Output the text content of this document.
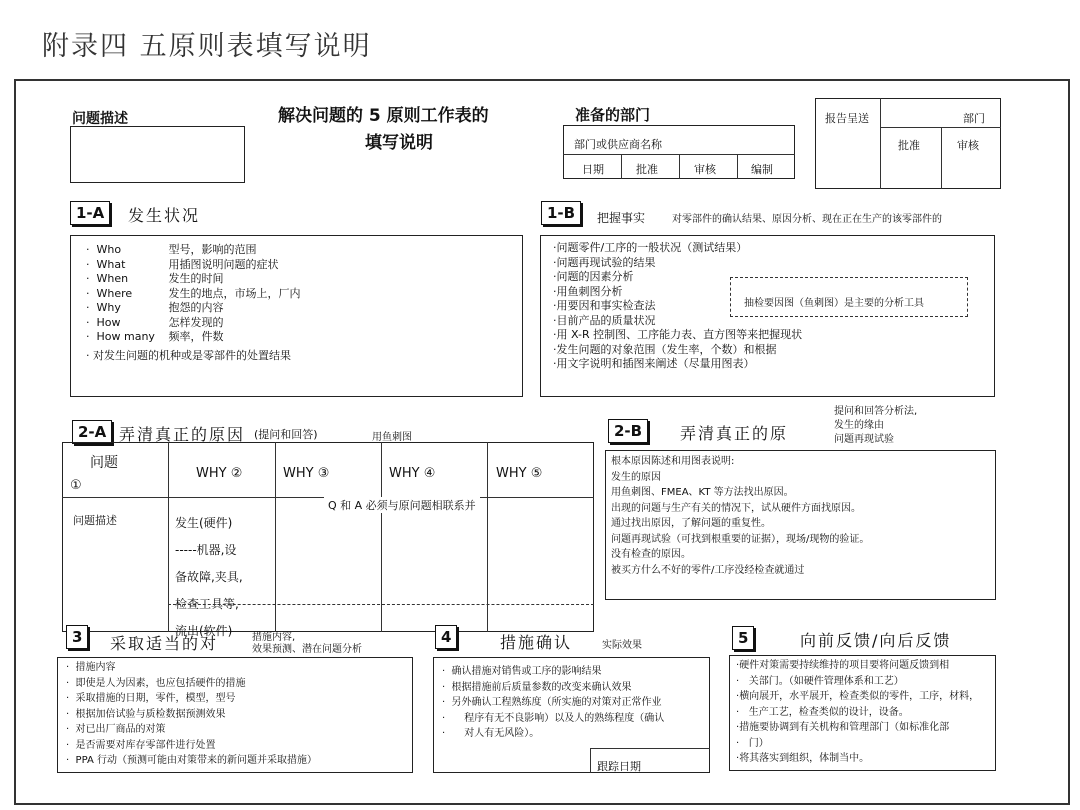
附录四 五原则表填写说明
问题描述	解决问题的 5 原则工作表的
填写说明
准备的部门
部门或供应商名称
日期	批准	审核	编制
报告呈送	部门
批准	审核
1-A	发生状况
·  Who	型号，影响的范围
·  What	用插图说明问题的症状
·  When	发生的时间
·  Where	发生的地点，市场上，厂内
·  Why	抱怨的内容
·  How	怎样发现的
·  How many 频率，件数
· 对发生问题的机种或是零部件的处置结果
1-B	把握事实	对零部件的确认结果、原因分析、现在正在生产的该零部件的
·问题零件/工序的一般状况（测试结果）
·问题再现试验的结果
·问题的因素分析
·用鱼刺图分析
·用要因和事实检查法
·目前产品的质量状况
·用 X-R 控制图、工序能力表、直方图等来把握现状
·发生问题的对象范围（发生率，个数）和根据
·用文字说明和插图来阐述（尽量用图表）
抽检要因图（鱼刺图）是主要的分析工具
2-A 弄清真正的原因 (提问和回答)	用鱼刺图
问题
①
WHY ②	WHY ③	WHY ④	WHY ⑤
Q 和 A 必须与原问题相联系并
问题描述	发生(硬件)
-----机器,设
备故障,夹具,
检查工具等,
流出(软件)
2-B	弄清真正的原
提问和回答分析法,
发生的缘由
问题再现试验
根本原因陈述和用图表说明:
发生的原因
用鱼刺图、FMEA、KT 等方法找出原因。
出现的问题与生产有关的情况下，试从硬件方面找原因。
通过找出原因，了解问题的重复性。
问题再现试验（可找到根重要的证据），现场/现物的验证。
没有检查的原因。
被买方什么不好的零件/工序没经检查就通过
3	采取适当的对	措施内容,
效果预测、潜在问题分析
·  措施内容
·  即使是人为因素，也应包括硬件的措施
·  采取措施的日期，零件，模型，型号
·  根据加倍试验与质检数据预测效果
·  对已出厂商品的对策
·  是否需要对库存零部件进行处置
·  PPA 行动（预测可能由对策带来的新问题并采取措施）
4	措施确认	实际效果
·  确认措施对销售或工序的影响结果
·  根据措施前后质量参数的改变来确认效果
·  另外确认工程熟练度（所实施的对策对正常作业
·      程序有无不良影响）以及人的熟练程度（确认
·      对人有无风险）。
跟踪日期
5	向前反馈/向后反馈
·硬件对策需要持续维持的项目要将问题反馈到相
·   关部门。（如硬件管理体系和工艺）
·横向展开，水平展开，检查类似的零件，工序，材料，
·   生产工艺，检查类似的设计，设备。
·措施要协调到有关机构和管理部门（如标准化部
·   门）
·将其落实到组织，体制当中。
